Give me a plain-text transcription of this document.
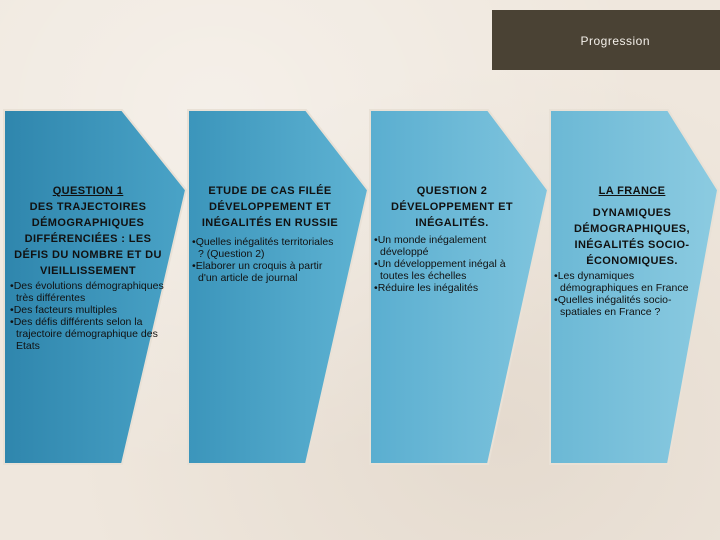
Progression
QUESTION 1
DES TRAJECTOIRES
DÉMOGRAPHIQUES
DIFFÉRENCIÉES : LES
DÉFIS DU NOMBRE ET DU
VIEILLISSEMENT
• Des évolutions démographiques très différentes
• Des facteurs multiples
• Des défis différents selon la trajectoire démographique des Etats
ETUDE DE CAS FILÉE
DÉVELOPPEMENT ET
INÉGALITÉS EN RUSSIE
• Quelles inégalités territoriales ? (Question 2)
• Elaborer un croquis à partir d'un article de journal
QUESTION 2
DÉVELOPPEMENT ET
INÉGALITÉS.
• Un monde inégalement développé
• Un développement inégal à toutes les échelles
• Réduire les inégalités
LA FRANCE
DYNAMIQUES
DÉMOGRAPHIQUES,
INÉGALITÉS SOCIO-
ÉCONOMIQUES.
• Les dynamiques démographiques en France
• Quelles inégalités socio-spatiales en France ?
